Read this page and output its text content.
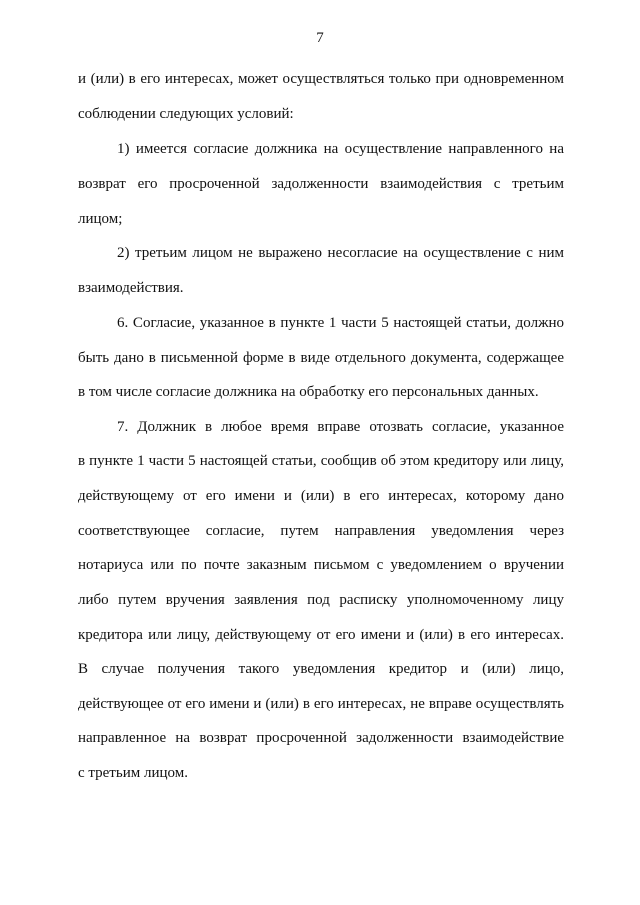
7
и (или) в его интересах, может осуществляться только при одновременном
соблюдении следующих условий:
1) имеется согласие должника на осуществление направленного на
возврат его просроченной задолженности взаимодействия с третьим
лицом;
2) третьим лицом не выражено несогласие на осуществление с ним
взаимодействия.
6. Согласие, указанное в пункте 1 части 5 настоящей статьи, должно
быть дано в письменной форме в виде отдельного документа, содержащее
в том числе согласие должника на обработку его персональных данных.
7. Должник в любое время вправе отозвать согласие, указанное
в пункте 1 части 5 настоящей статьи, сообщив об этом кредитору или лицу,
действующему от его имени и (или) в его интересах, которому дано
соответствующее согласие, путем направления уведомления через
нотариуса или по почте заказным письмом с уведомлением о вручении
либо путем вручения заявления под расписку уполномоченному лицу
кредитора или лицу, действующему от его имени и (или) в его интересах.
В случае получения такого уведомления кредитор и (или) лицо,
действующее от его имени и (или) в его интересах, не вправе осуществлять
направленное на возврат просроченной задолженности взаимодействие
с третьим лицом.
